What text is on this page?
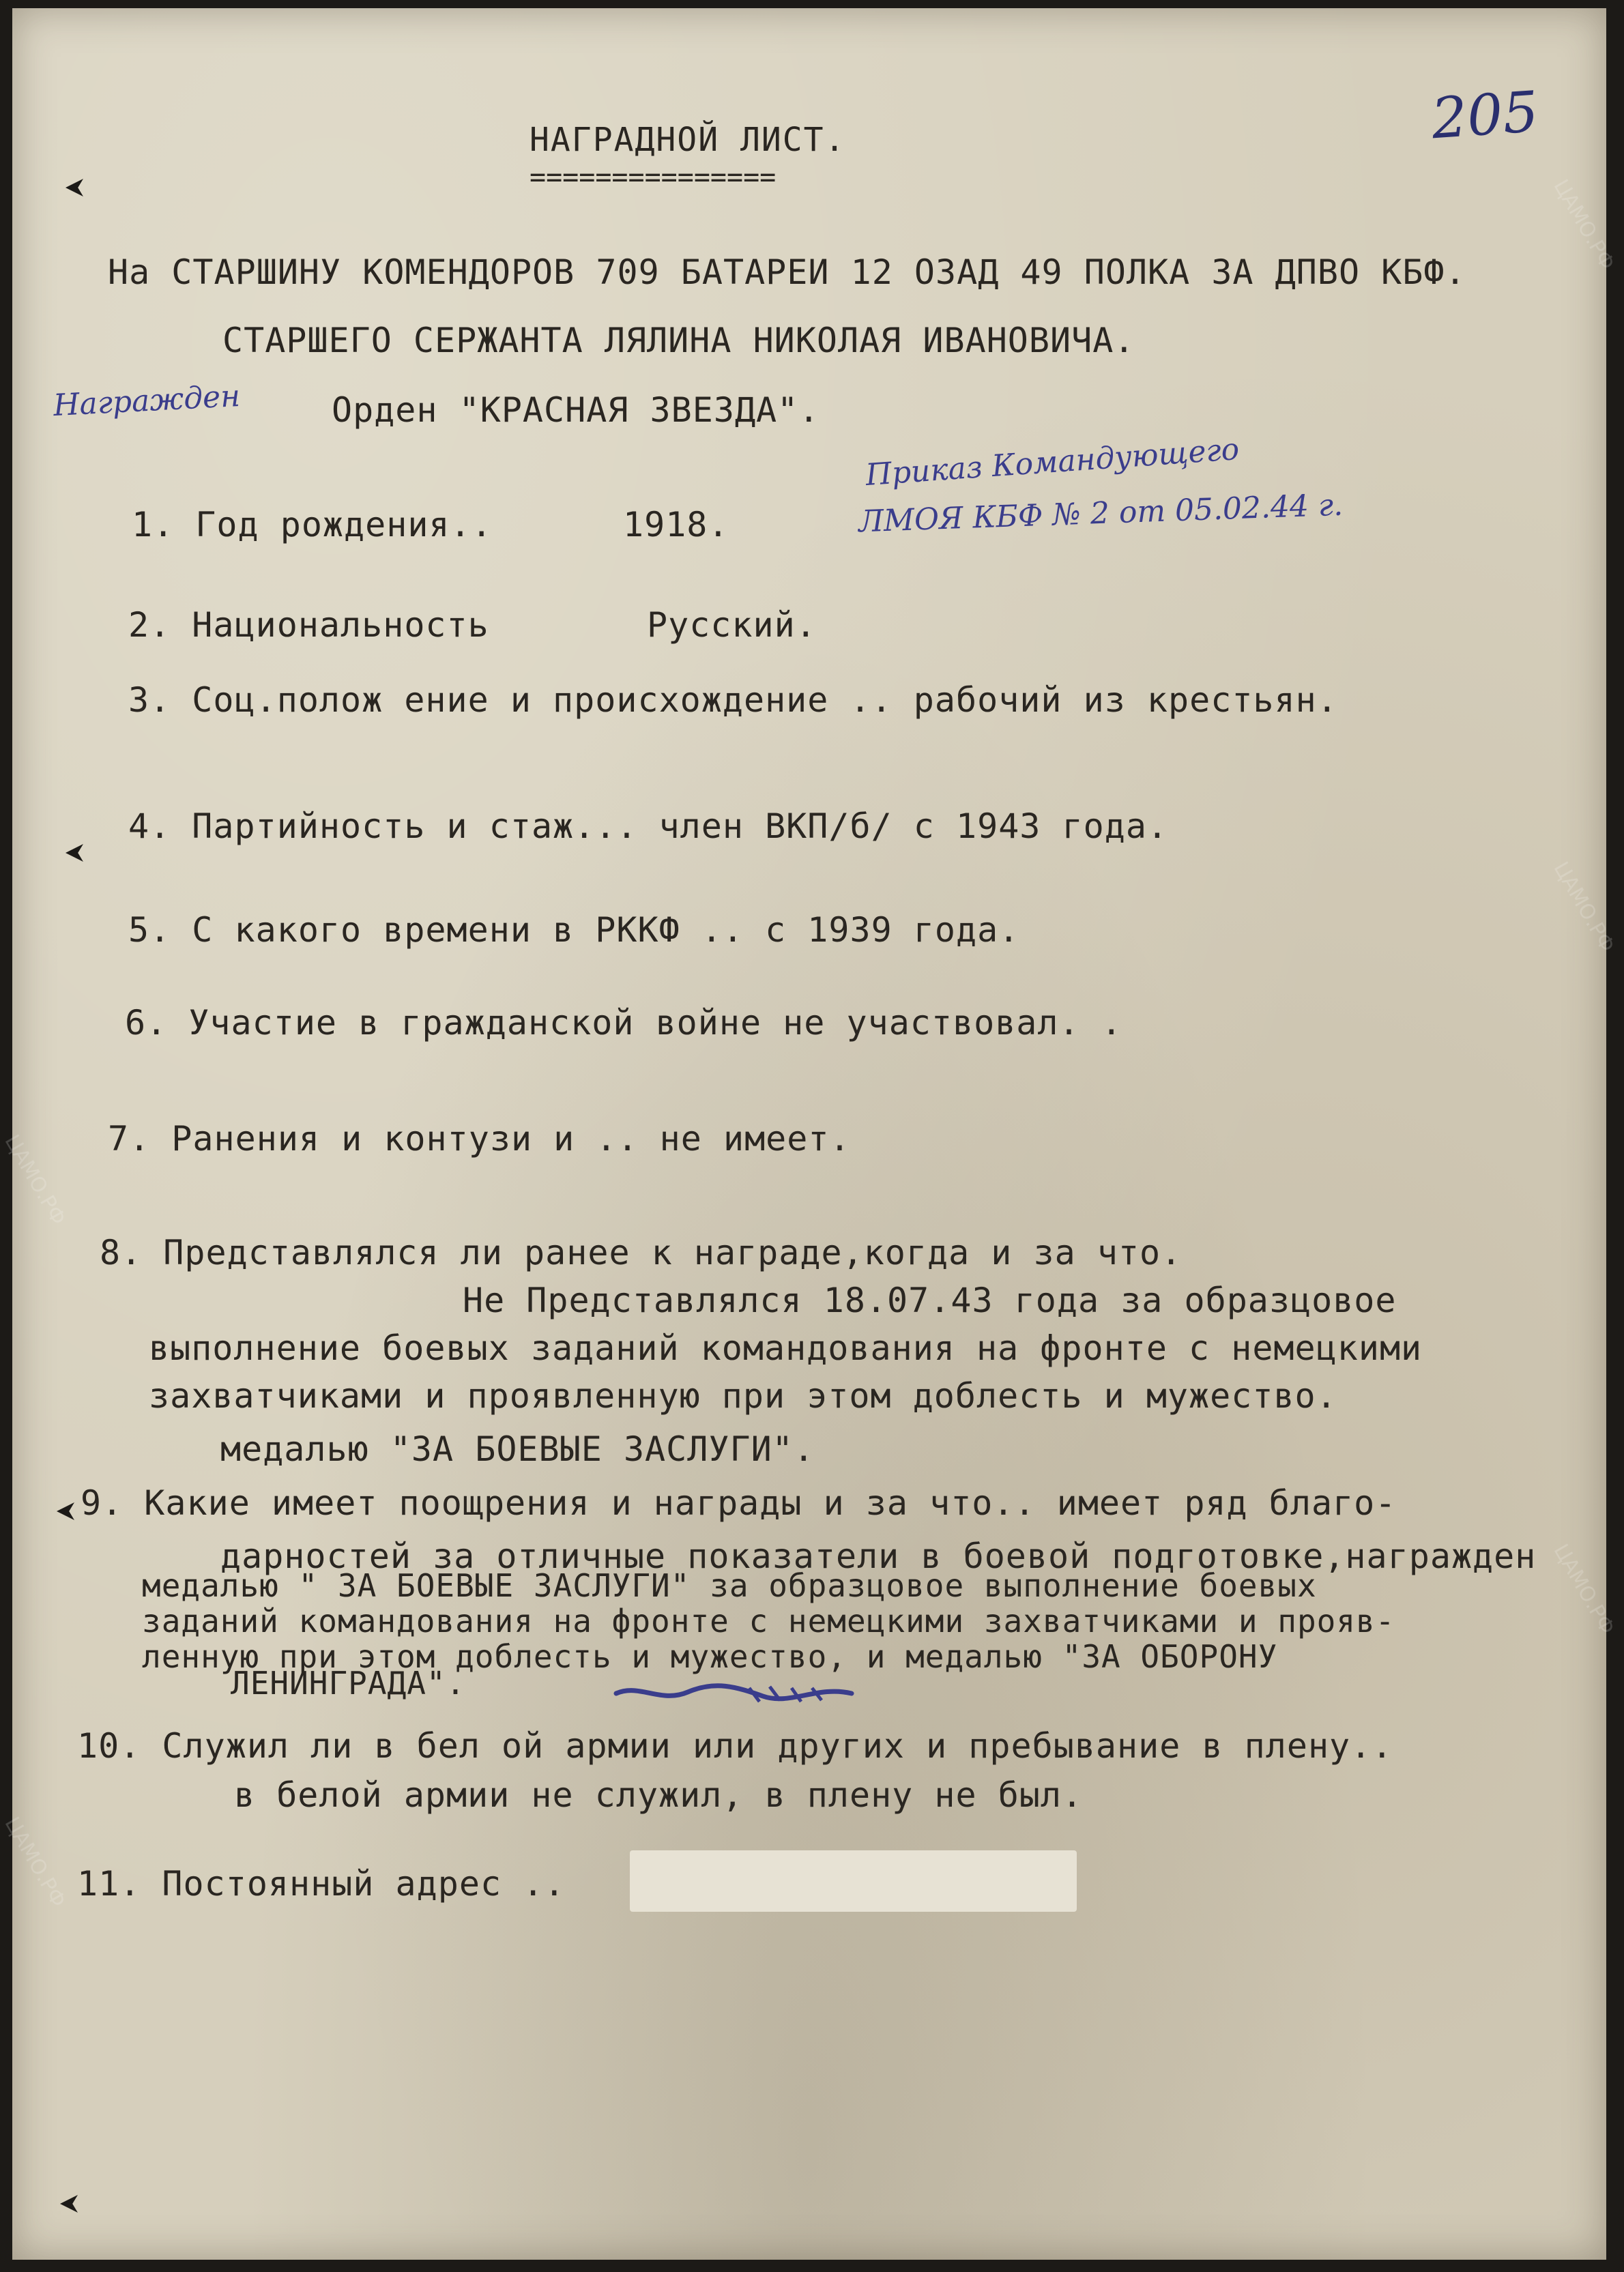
205
НАГРАДНОЙ ЛИСТ.
===============
На СТАРШИНУ КОМЕНДОРОВ 709 БАТАРЕИ 12 ОЗАД 49 ПОЛКА ЗА ДПВО КБФ.
СТАРШЕГО СЕРЖАНТА ЛЯЛИНА НИКОЛАЯ ИВАНОВИЧА.
Награжден	Орден "КРАСНАЯ ЗВЕЗДА".
Приказ Командующего
ЛМОЯ КБФ № 2 от 05.02.44 г.
1. Год рождения..	1918.
2. Национальность	Русский.
3. Соц.полож ение и происхождение .. рабочий из крестьян.
4. Партийность и стаж... член ВКП/б/ с 1943 года.
5. С какого времени в РККФ .. с 1939 года.
6. Участие в гражданской войне не участвовал. .
7. Ранения и контузи и .. не имеет.
8. Представлялся ли ранее к награде,когда и за что.
Не Представлялся 18.07.43 года за образцовое
выполнение боевых заданий командования на фронте с немецкими
захватчиками и проявленную при этом доблесть и мужество.
медалью "ЗА БОЕВЫЕ ЗАСЛУГИ".
9. Какие имеет поощрения и награды и за что.. имеет ряд благо-
дарностей за отличные показатели в боевой подготовке,награжден
медалью " ЗА БОЕВЫЕ ЗАСЛУГИ" за образцовое выполнение боевых
заданий командования на фронте с немецкими захватчиками и прояв-
ленную при этом доблесть и мужество, и медалью "ЗА ОБОРОНУ
ЛЕНИНГРАДА".
10. Служил ли в бел ой армии или других и пребывание в плену..
в белой армии не служил, в плену не был.
11. Постоянный адрес ..
ЦАМО.РФ
ЦАМО.РФ
ЦАМО.РФ
ЦАМО.РФ
ЦАМО.РФ
